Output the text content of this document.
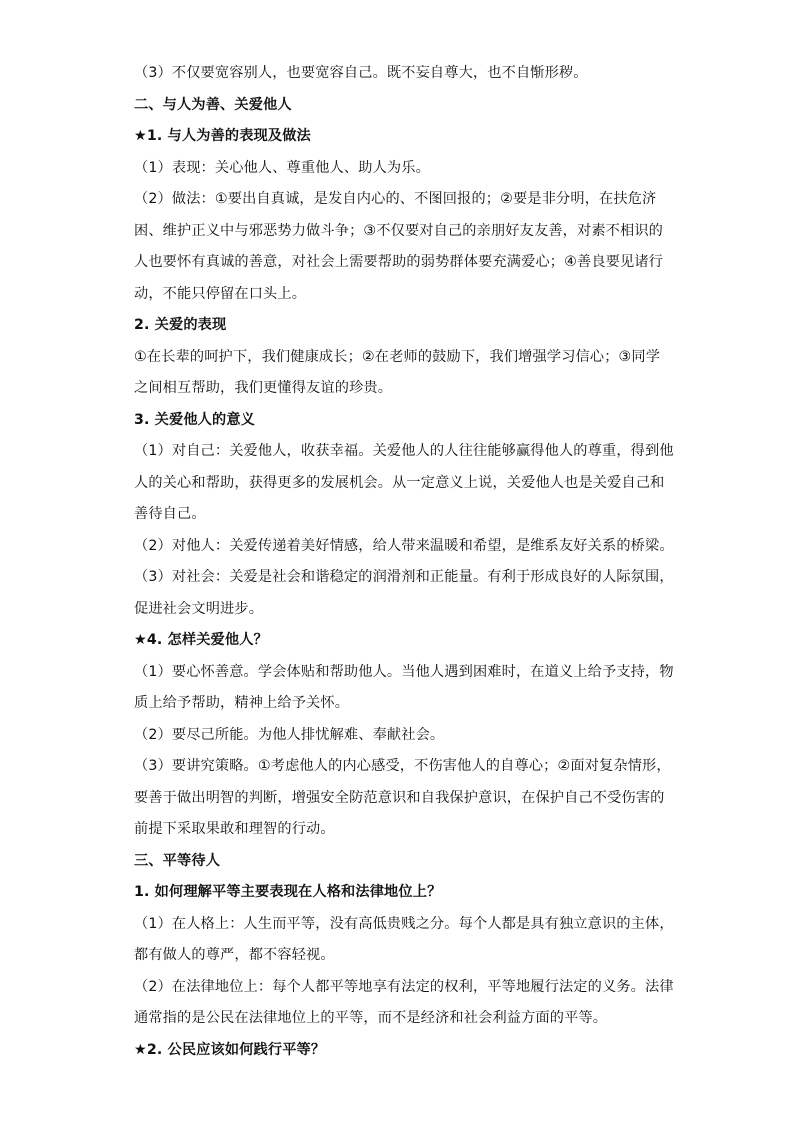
（3）不仅要宽容别人，也要宽容自己。既不妄自尊大，也不自惭形秽。
二、与人为善、关爱他人
★1. 与人为善的表现及做法
（1）表现：关心他人、尊重他人、助人为乐。
（2）做法：①要出自真诚，是发自内心的、不图回报的；②要是非分明，在扶危济
困、维护正义中与邪恶势力做斗争；③不仅要对自己的亲朋好友友善，对素不相识的
人也要怀有真诚的善意，对社会上需要帮助的弱势群体要充满爱心；④善良要见诸行
动，不能只停留在口头上。
2. 关爱的表现
①在长辈的呵护下，我们健康成长；②在老师的鼓励下，我们增强学习信心；③同学
之间相互帮助，我们更懂得友谊的珍贵。
3. 关爱他人的意义
（1）对自己：关爱他人，收获幸福。关爱他人的人往往能够赢得他人的尊重，得到他
人的关心和帮助，获得更多的发展机会。从一定意义上说，关爱他人也是关爱自己和
善待自己。
（2）对他人：关爱传递着美好情感，给人带来温暖和希望，是维系友好关系的桥梁。
（3）对社会：关爱是社会和谐稳定的润滑剂和正能量。有利于形成良好的人际氛围，
促进社会文明进步。
★4. 怎样关爱他人？
（1）要心怀善意。学会体贴和帮助他人。当他人遇到困难时，在道义上给予支持，物
质上给予帮助，精神上给予关怀。
（2）要尽己所能。为他人排忧解难、奉献社会。
（3）要讲究策略。①考虑他人的内心感受，不伤害他人的自尊心；②面对复杂情形，
要善于做出明智的判断，增强安全防范意识和自我保护意识，在保护自己不受伤害的
前提下采取果敢和理智的行动。
三、平等待人
1. 如何理解平等主要表现在人格和法律地位上？
（1）在人格上：人生而平等，没有高低贵贱之分。每个人都是具有独立意识的主体，
都有做人的尊严，都不容轻视。
（2）在法律地位上：每个人都平等地享有法定的权利，平等地履行法定的义务。法律
通常指的是公民在法律地位上的平等，而不是经济和社会利益方面的平等。
★2. 公民应该如何践行平等？
